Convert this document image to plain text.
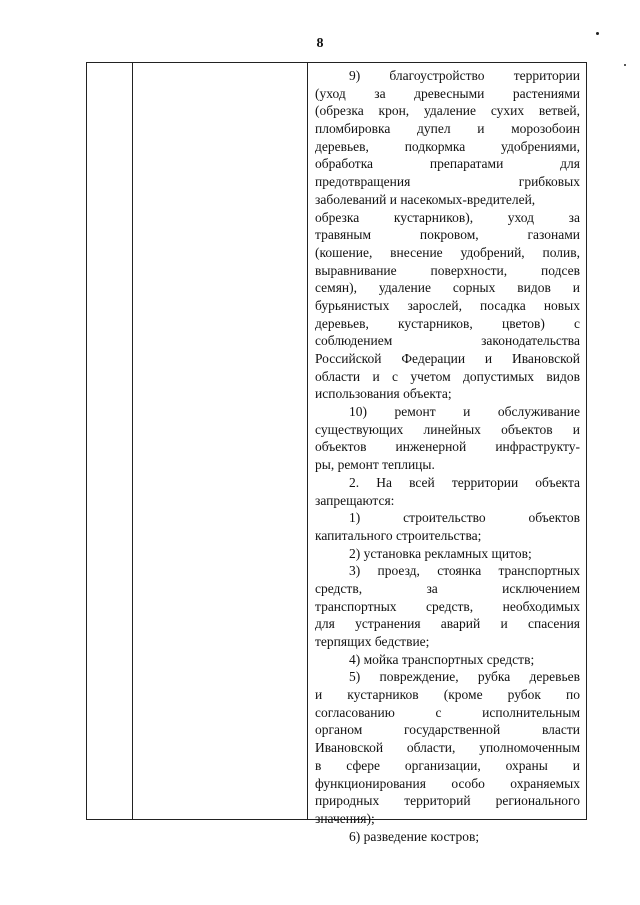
8
9) благоустройство территории
(уход за древесными растениями
(обрезка крон, удаление сухих ветвей,
пломбировка дупел и морозобоин
деревьев, подкормка удобрениями,
обработка препаратами для
предотвращения грибковых
заболеваний и насекомых-вредителей,
обрезка кустарников), уход за
травяным покровом, газонами
(кошение, внесение удобрений, полив,
выравнивание поверхности, подсев
семян), удаление сорных видов и
бурьянистых зарослей, посадка новых
деревьев, кустарников, цветов) с
соблюдением законодательства
Российской Федерации и Ивановской
области и с учетом допустимых видов
использования объекта;
10) ремонт и обслуживание
существующих линейных объектов и
объектов инженерной инфраструкту-
ры, ремонт теплицы.
2. На всей территории объекта
запрещаются:
1) строительство объектов
капитального строительства;
2) установка рекламных щитов;
3) проезд, стоянка транспортных
средств, за исключением
транспортных средств, необходимых
для устранения аварий и спасения
терпящих бедствие;
4) мойка транспортных средств;
5) повреждение, рубка деревьев
и кустарников (кроме рубок по
согласованию с исполнительным
органом государственной власти
Ивановской области, уполномоченным
в сфере организации, охраны и
функционирования особо охраняемых
природных территорий регионального
значения);
6) разведение костров;
